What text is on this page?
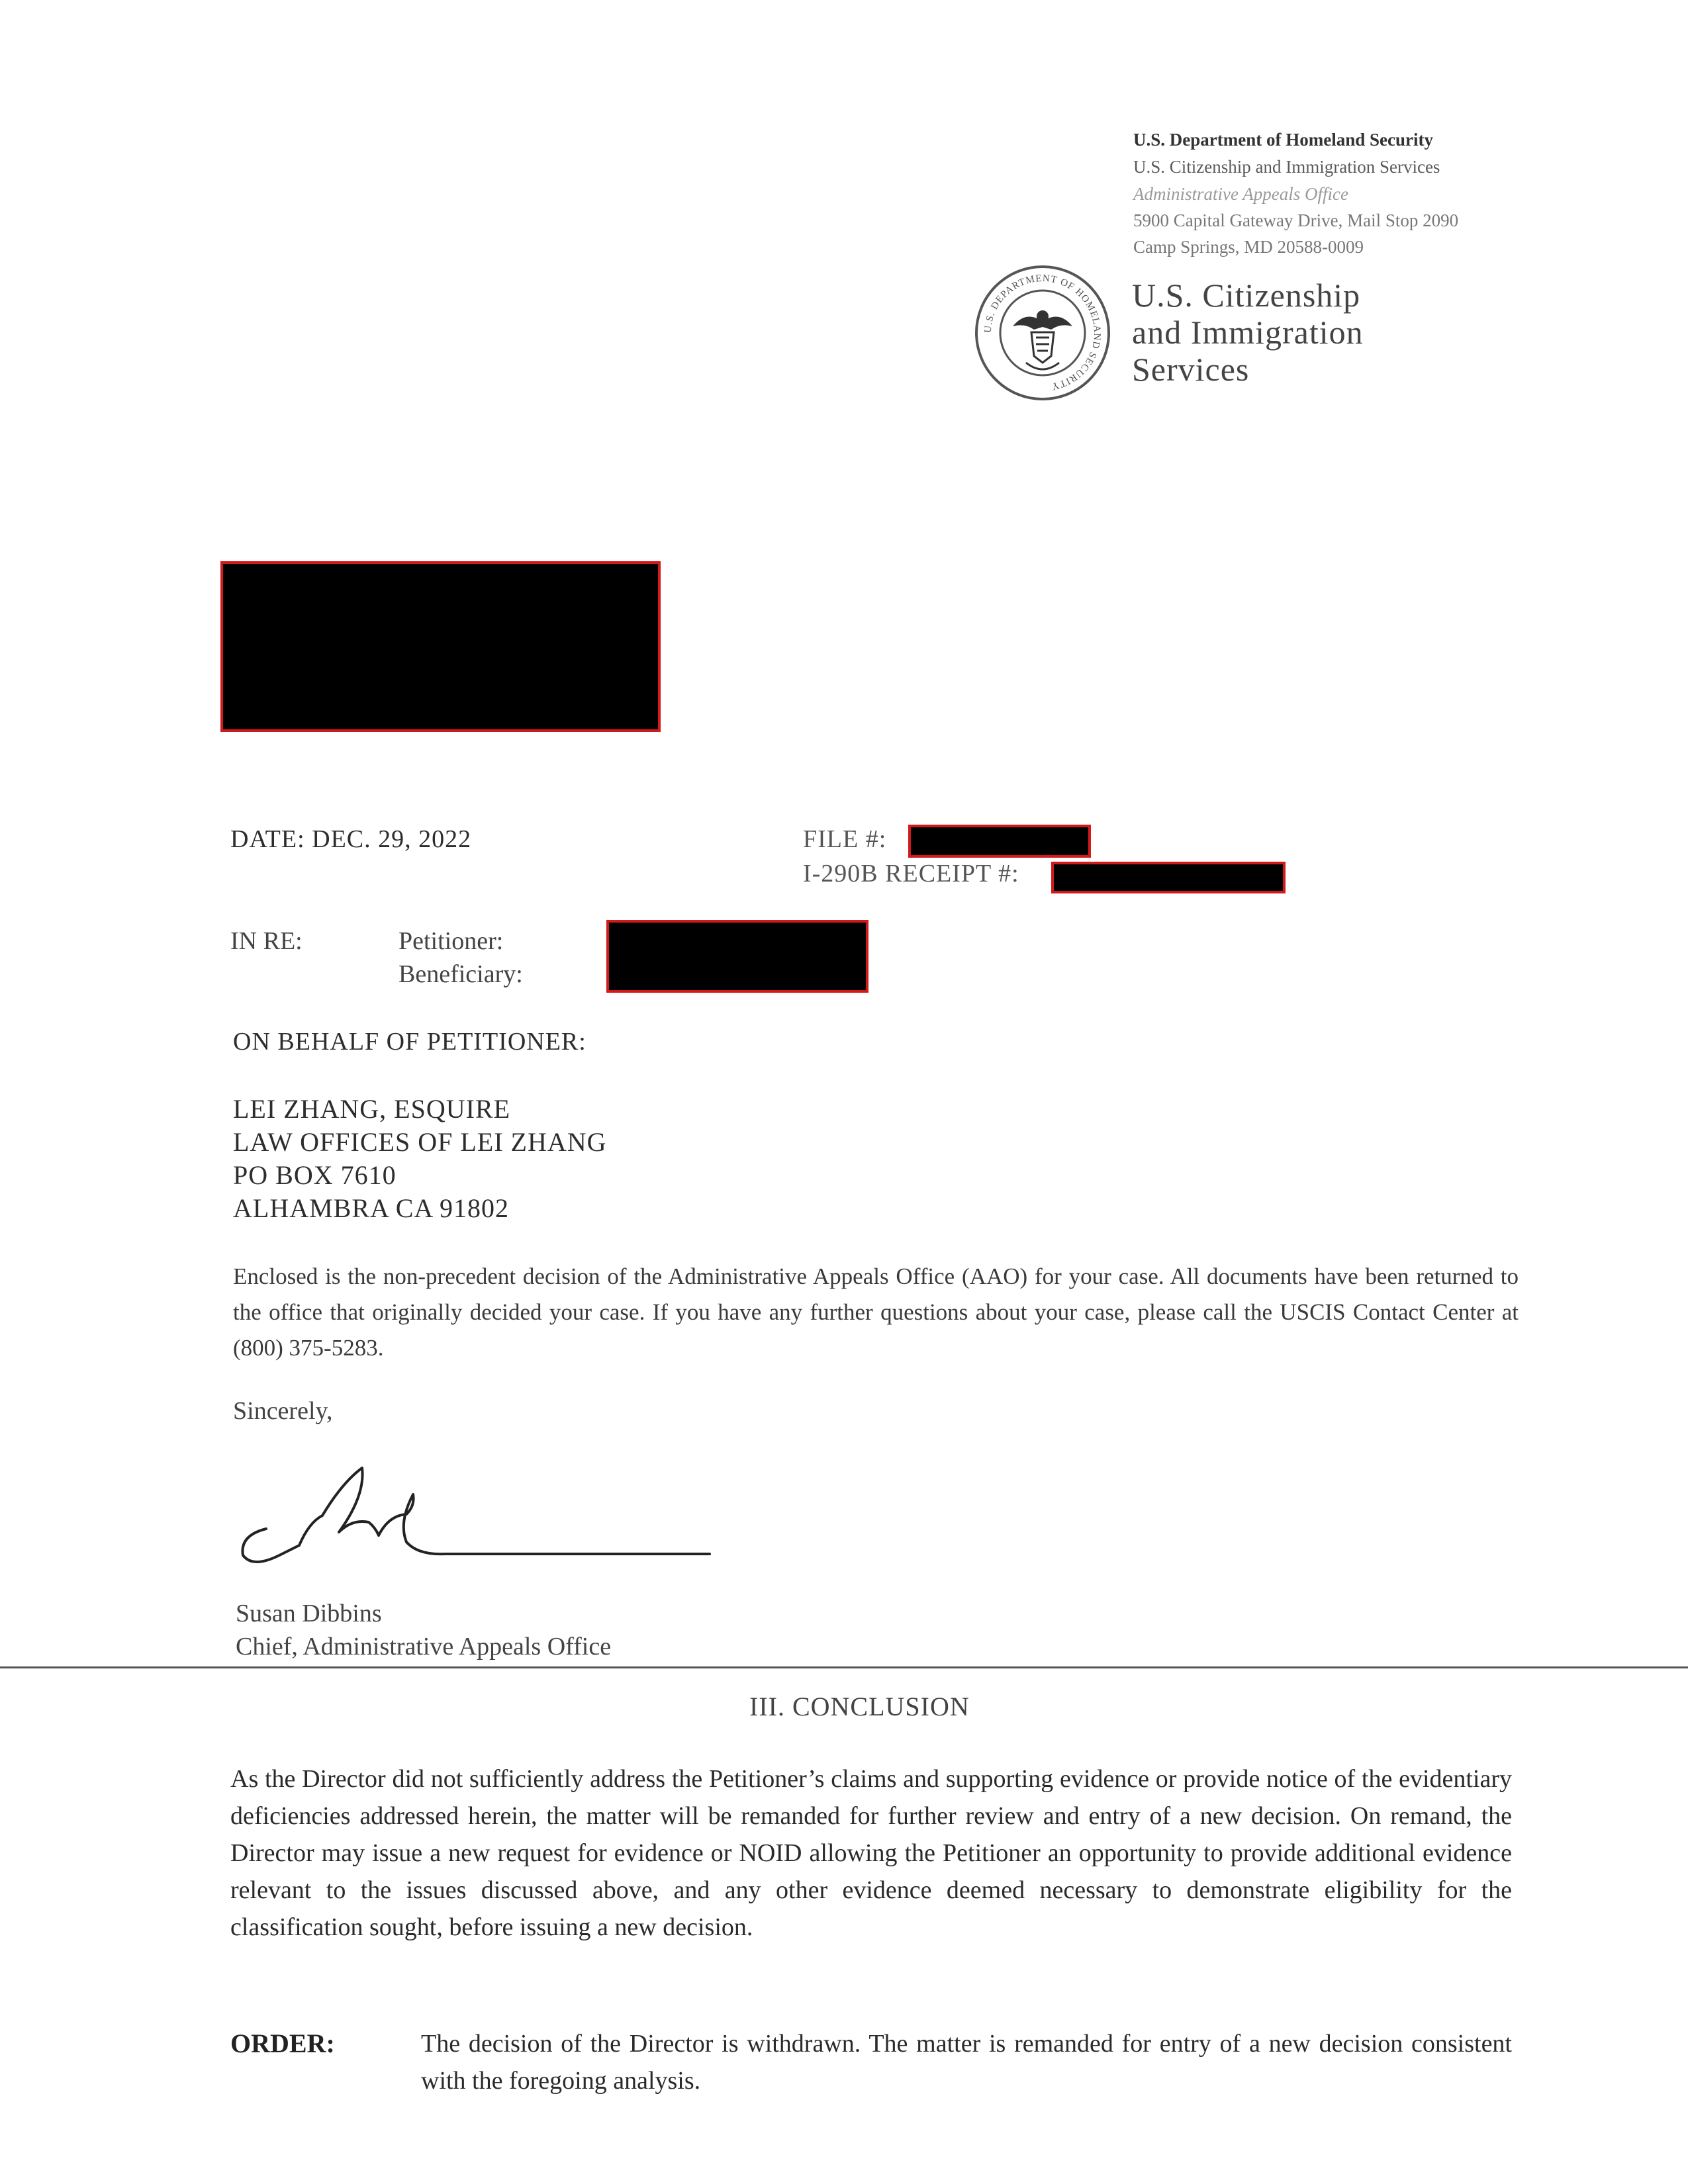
U.S. Department of Homeland Security
U.S. Citizenship and Immigration Services
Administrative Appeals Office
5900 Capital Gateway Drive, Mail Stop 2090
Camp Springs, MD 20588-0009
U.S. DEPARTMENT OF HOMELAND SECURITY
U.S. Citizenship
and Immigration
Services
DATE: DEC. 29, 2022	FILE #:
I-290B RECEIPT #:
IN RE:	Petitioner:
Beneficiary:
ON BEHALF OF PETITIONER:
LEI ZHANG, ESQUIRE
LAW OFFICES OF LEI ZHANG
PO BOX 7610
ALHAMBRA CA 91802
Enclosed is the non-precedent decision of the Administrative Appeals Office (AAO) for your case. All documents have been returned to the office that originally decided your case. If you have any further questions about your case, please call the USCIS Contact Center at (800) 375-5283.
Sincerely,
Susan Dibbins
Chief, Administrative Appeals Office
III. CONCLUSION
As the Director did not sufficiently address the Petitioner’s claims and supporting evidence or provide notice of the evidentiary deficiencies addressed herein, the matter will be remanded for further review and entry of a new decision. On remand, the Director may issue a new request for evidence or NOID allowing the Petitioner an opportunity to provide additional evidence relevant to the issues discussed above, and any other evidence deemed necessary to demonstrate eligibility for the classification sought, before issuing a new decision.
ORDER:	The decision of the Director is withdrawn. The matter is remanded for entry of a new decision consistent with the foregoing analysis.
